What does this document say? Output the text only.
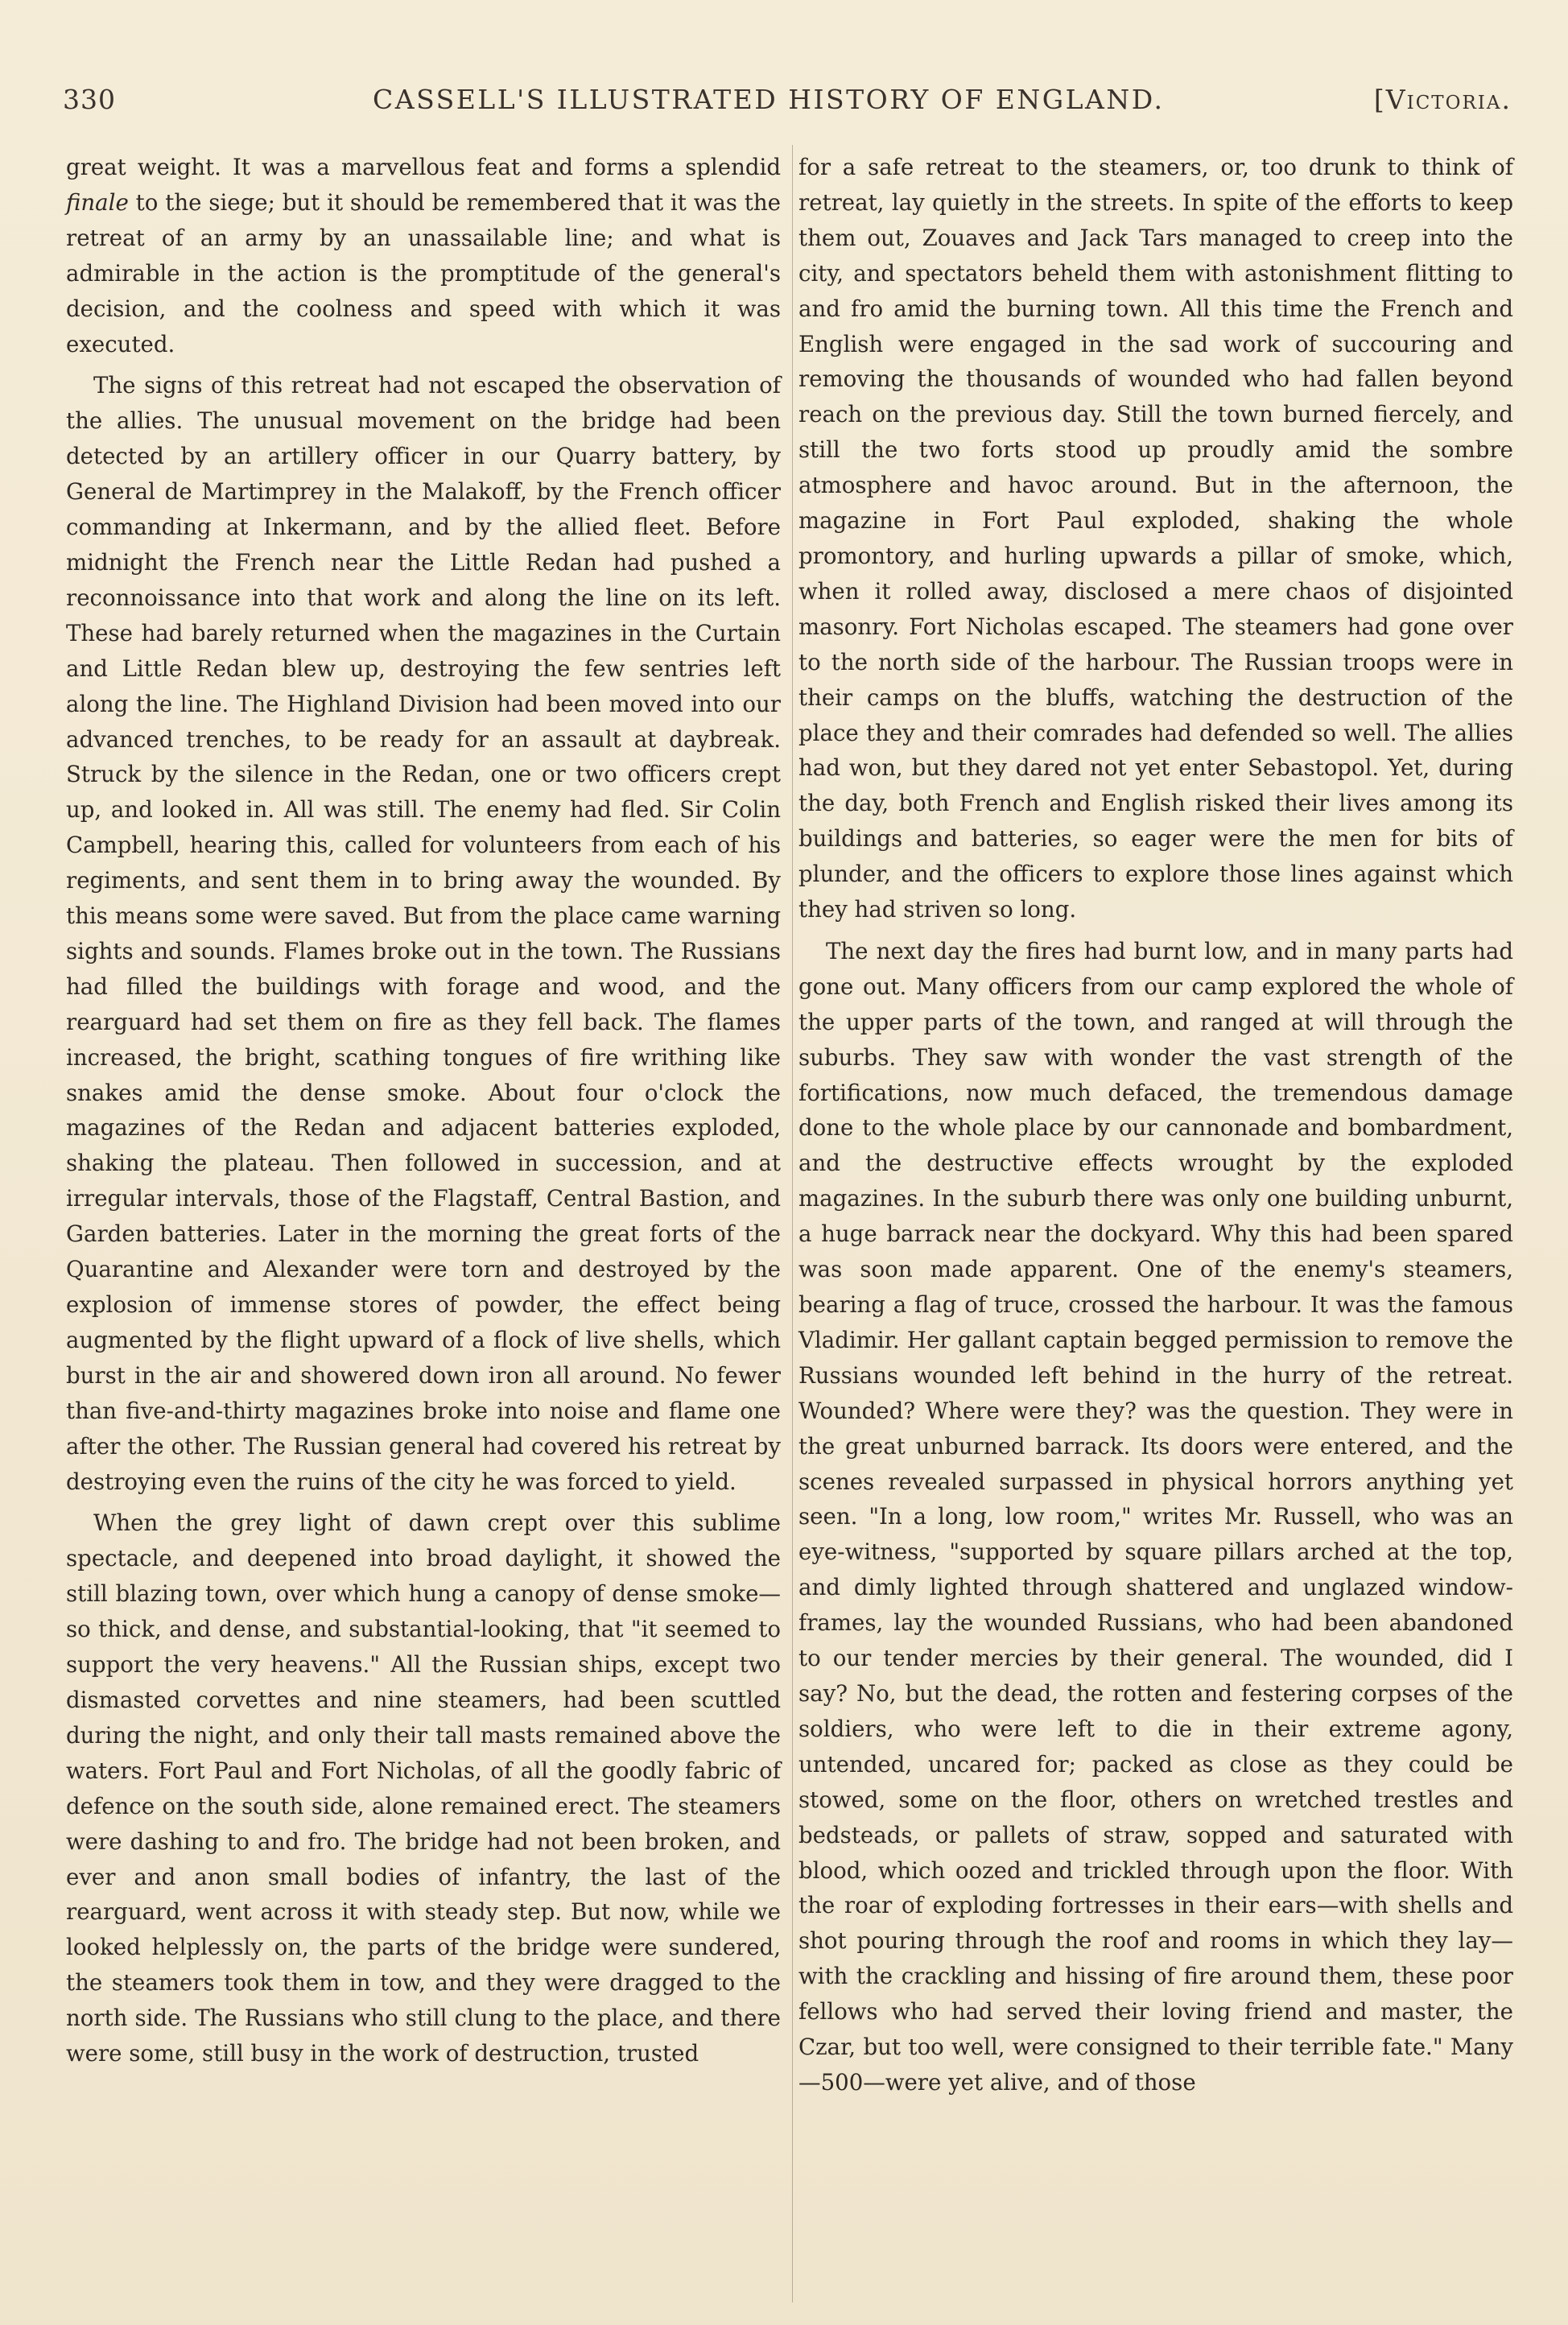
330	CASSELL'S ILLUSTRATED HISTORY OF ENGLAND.	[Victoria.

great weight. It was a marvellous feat and forms a splendid finale to the siege; but it should be remembered that it was the retreat of an army by an unassailable line; and what is admirable in the action is the promptitude of the general's decision, and the coolness and speed with which it was executed.

The signs of this retreat had not escaped the observation of the allies. The unusual movement on the bridge had been detected by an artillery officer in our Quarry battery, by General de Martimprey in the Malakoff, by the French officer commanding at Inkermann, and by the allied fleet. Before midnight the French near the Little Redan had pushed a reconnoissance into that work and along the line on its left. These had barely returned when the magazines in the Curtain and Little Redan blew up, destroying the few sentries left along the line. The Highland Division had been moved into our advanced trenches, to be ready for an assault at daybreak. Struck by the silence in the Redan, one or two officers crept up, and looked in. All was still. The enemy had fled. Sir Colin Campbell, hearing this, called for volunteers from each of his regiments, and sent them in to bring away the wounded. By this means some were saved. But from the place came warning sights and sounds. Flames broke out in the town. The Russians had filled the buildings with forage and wood, and the rearguard had set them on fire as they fell back. The flames increased, the bright, scathing tongues of fire writhing like snakes amid the dense smoke. About four o'clock the magazines of the Redan and adjacent batteries exploded, shaking the plateau. Then followed in succession, and at irregular intervals, those of the Flagstaff, Central Bastion, and Garden batteries. Later in the morning the great forts of the Quarantine and Alexander were torn and destroyed by the explosion of immense stores of powder, the effect being augmented by the flight upward of a flock of live shells, which burst in the air and showered down iron all around. No fewer than five-and-thirty magazines broke into noise and flame one after the other. The Russian general had covered his retreat by destroying even the ruins of the city he was forced to yield.

When the grey light of dawn crept over this sublime spectacle, and deepened into broad daylight, it showed the still blazing town, over which hung a canopy of dense smoke—so thick, and dense, and substantial-looking, that "it seemed to support the very heavens." All the Russian ships, except two dismasted corvettes and nine steamers, had been scuttled during the night, and only their tall masts remained above the waters. Fort Paul and Fort Nicholas, of all the goodly fabric of defence on the south side, alone remained erect. The steamers were dashing to and fro. The bridge had not been broken, and ever and anon small bodies of infantry, the last of the rearguard, went across it with steady step. But now, while we looked helplessly on, the parts of the bridge were sundered, the steamers took them in tow, and they were dragged to the north side. The Russians who still clung to the place, and there were some, still busy in the work of destruction, trusted

for a safe retreat to the steamers, or, too drunk to think of retreat, lay quietly in the streets. In spite of the efforts to keep them out, Zouaves and Jack Tars managed to creep into the city, and spectators beheld them with astonishment flitting to and fro amid the burning town. All this time the French and English were engaged in the sad work of succouring and removing the thousands of wounded who had fallen beyond reach on the previous day. Still the town burned fiercely, and still the two forts stood up proudly amid the sombre atmosphere and havoc around. But in the afternoon, the magazine in Fort Paul exploded, shaking the whole promontory, and hurling upwards a pillar of smoke, which, when it rolled away, disclosed a mere chaos of disjointed masonry. Fort Nicholas escaped. The steamers had gone over to the north side of the harbour. The Russian troops were in their camps on the bluffs, watching the destruction of the place they and their comrades had defended so well. The allies had won, but they dared not yet enter Sebastopol. Yet, during the day, both French and English risked their lives among its buildings and batteries, so eager were the men for bits of plunder, and the officers to explore those lines against which they had striven so long.

The next day the fires had burnt low, and in many parts had gone out. Many officers from our camp explored the whole of the upper parts of the town, and ranged at will through the suburbs. They saw with wonder the vast strength of the fortifications, now much defaced, the tremendous damage done to the whole place by our cannonade and bombardment, and the destructive effects wrought by the exploded magazines. In the suburb there was only one building unburnt, a huge barrack near the dockyard. Why this had been spared was soon made apparent. One of the enemy's steamers, bearing a flag of truce, crossed the harbour. It was the famous Vladimir. Her gallant captain begged permission to remove the Russians wounded left behind in the hurry of the retreat. Wounded? Where were they? was the question. They were in the great unburned barrack. Its doors were entered, and the scenes revealed surpassed in physical horrors anything yet seen. "In a long, low room," writes Mr. Russell, who was an eye-witness, "supported by square pillars arched at the top, and dimly lighted through shattered and unglazed window-frames, lay the wounded Russians, who had been abandoned to our tender mercies by their general. The wounded, did I say? No, but the dead, the rotten and festering corpses of the soldiers, who were left to die in their extreme agony, untended, uncared for; packed as close as they could be stowed, some on the floor, others on wretched trestles and bedsteads, or pallets of straw, sopped and saturated with blood, which oozed and trickled through upon the floor. With the roar of exploding fortresses in their ears—with shells and shot pouring through the roof and rooms in which they lay—with the crackling and hissing of fire around them, these poor fellows who had served their loving friend and master, the Czar, but too well, were consigned to their terrible fate." Many—500—were yet alive, and of those
